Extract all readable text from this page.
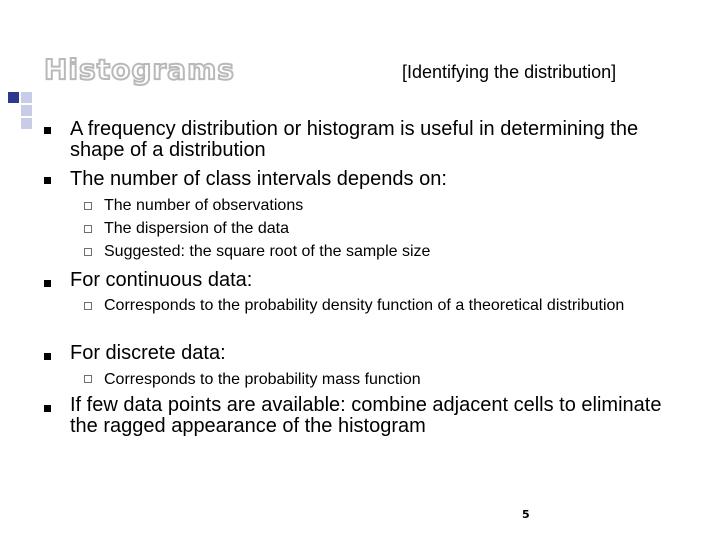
Histograms	[Identifying the distribution]
A frequency distribution or histogram is useful in determining the shape of a distribution
The number of class intervals depends on:
The number of observations
The dispersion of the data
Suggested: the square root of the sample size
For continuous data:
Corresponds to the probability density function of a theoretical distribution
For discrete data:
Corresponds to the probability mass function
If few data points are available: combine adjacent cells to eliminate the ragged appearance of the histogram
5
